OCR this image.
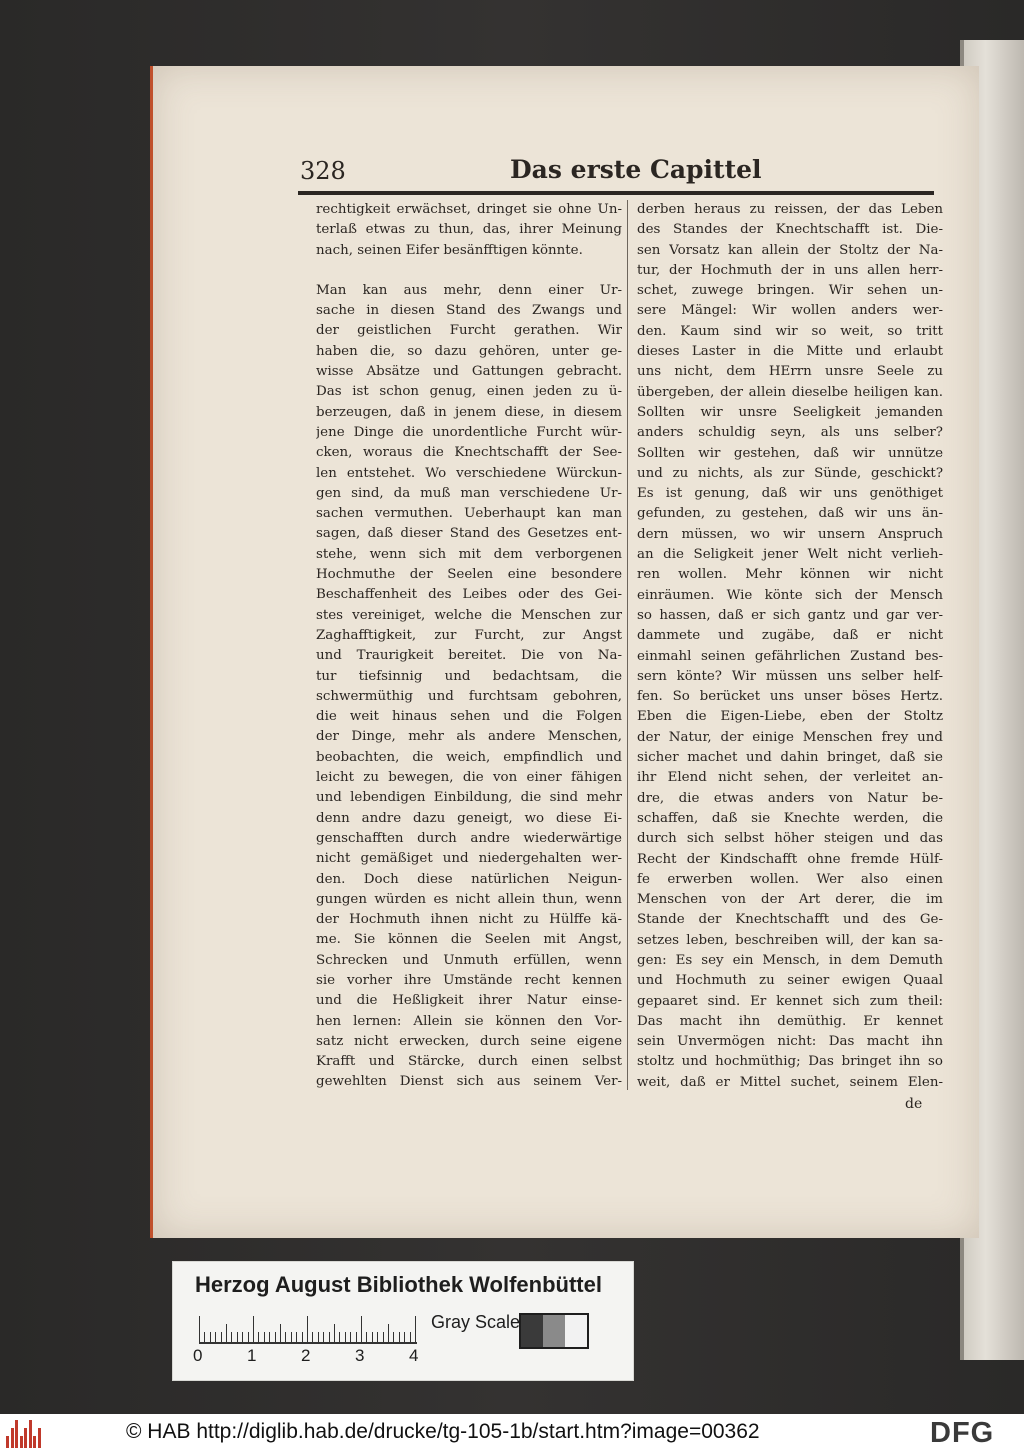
328	Das erste Capittel
rechtigkeit erwächset, dringet sie ohne Un-
terlaß etwas zu thun, das, ihrer Meinung
nach, seinen Eifer besänfftigen könnte.
Man kan aus mehr, denn einer Ur-
sache in diesen Stand des Zwangs und
der geistlichen Furcht gerathen. Wir
haben die, so dazu gehören, unter ge-
wisse Absätze und Gattungen gebracht.
Das ist schon genug, einen jeden zu ü-
berzeugen, daß in jenem diese, in diesem
jene Dinge die unordentliche Furcht wür-
cken, woraus die Knechtschafft der See-
len entstehet. Wo verschiedene Würckun-
gen sind, da muß man verschiedene Ur-
sachen vermuthen. Ueberhaupt kan man
sagen, daß dieser Stand des Gesetzes ent-
stehe, wenn sich mit dem verborgenen
Hochmuthe der Seelen eine besondere
Beschaffenheit des Leibes oder des Gei-
stes vereiniget, welche die Menschen zur
Zaghafftigkeit, zur Furcht, zur Angst
und Traurigkeit bereitet. Die von Na-
tur tiefsinnig und bedachtsam, die
schwermüthig und furchtsam gebohren,
die weit hinaus sehen und die Folgen
der Dinge, mehr als andere Menschen,
beobachten, die weich, empfindlich und
leicht zu bewegen, die von einer fähigen
und lebendigen Einbildung, die sind mehr
denn andre dazu geneigt, wo diese Ei-
genschafften durch andre wiederwärtige
nicht gemäßiget und niedergehalten wer-
den. Doch diese natürlichen Neigun-
gungen würden es nicht allein thun, wenn
der Hochmuth ihnen nicht zu Hülffe kä-
me. Sie können die Seelen mit Angst,
Schrecken und Unmuth erfüllen, wenn
sie vorher ihre Umstände recht kennen
und die Heßligkeit ihrer Natur einse-
hen lernen: Allein sie können den Vor-
satz nicht erwecken, durch seine eigene
Krafft und Stärcke, durch einen selbst
gewehlten Dienst sich aus seinem Ver-
derben heraus zu reissen, der das Leben
des Standes der Knechtschafft ist. Die-
sen Vorsatz kan allein der Stoltz der Na-
tur, der Hochmuth der in uns allen herr-
schet, zuwege bringen. Wir sehen un-
sere Mängel: Wir wollen anders wer-
den. Kaum sind wir so weit, so tritt
dieses Laster in die Mitte und erlaubt
uns nicht, dem HErrn unsre Seele zu
übergeben, der allein dieselbe heiligen kan.
Sollten wir unsre Seeligkeit jemanden
anders schuldig seyn, als uns selber?
Sollten wir gestehen, daß wir unnütze
und zu nichts, als zur Sünde, geschickt?
Es ist genung, daß wir uns genöthiget
gefunden, zu gestehen, daß wir uns än-
dern müssen, wo wir unsern Anspruch
an die Seligkeit jener Welt nicht verlieh-
ren wollen. Mehr können wir nicht
einräumen. Wie könte sich der Mensch
so hassen, daß er sich gantz und gar ver-
dammete und zugäbe, daß er nicht
einmahl seinen gefährlichen Zustand bes-
sern könte? Wir müssen uns selber helf-
fen. So berücket uns unser böses Hertz.
Eben die Eigen-Liebe, eben der Stoltz
der Natur, der einige Menschen frey und
sicher machet und dahin bringet, daß sie
ihr Elend nicht sehen, der verleitet an-
dre, die etwas anders von Natur be-
schaffen, daß sie Knechte werden, die
durch sich selbst höher steigen und das
Recht der Kindschafft ohne fremde Hülf-
fe erwerben wollen. Wer also einen
Menschen von der Art derer, die im
Stande der Knechtschafft und des Ge-
setzes leben, beschreiben will, der kan sa-
gen: Es sey ein Mensch, in dem Demuth
und Hochmuth zu seiner ewigen Quaal
gepaaret sind. Er kennet sich zum theil:
Das macht ihn demüthig. Er kennet
sein Unvermögen nicht: Das macht ihn
stoltz und hochmüthig; Das bringet ihn so
weit, daß er Mittel suchet, seinem Elen-
de
Herzog August Bibliothek Wolfenbüttel
0	1	2	3	4
Gray Scale
© HAB http://diglib.hab.de/drucke/tg-105-1b/start.htm?image=00362	DFG
